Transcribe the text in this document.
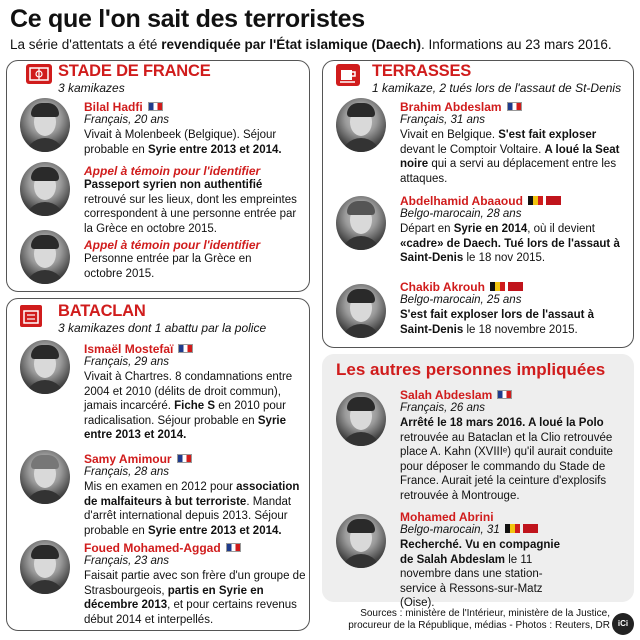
Ce que l'on sait des terroristes
La série d'attentats a été revendiquée par l'État islamique (Daech). Informations au 23 mars 2016.
STADE DE FRANCE
3 kamikazes
Bilal Hadfi
Français, 20 ans
Vivait à Molenbeek (Belgique). Séjour probable en Syrie entre 2013 et 2014.
Appel à témoin pour l'identifier
Passeport syrien non authentifié retrouvé sur les lieux, dont les empreintes correspondent à une personne entrée par la Grèce en octobre 2015.
Appel à témoin pour l'identifier
Personne entrée par la Grèce en octobre 2015.
BATACLAN
3 kamikazes dont 1 abattu par la police
Ismaël Mostefaï
Français, 29 ans
Vivait à Chartres. 8 condamnations entre 2004 et 2010 (délits de droit commun), jamais incarcéré. Fiche S en 2010 pour radicalisation. Séjour probable en Syrie entre 2013 et 2014.
Samy Amimour
Français, 28 ans
Mis en examen en 2012 pour association de malfaiteurs à but terroriste. Mandat d'arrêt international depuis 2013. Séjour probable en Syrie entre 2013 et 2014.
Foued Mohamed-Aggad
Français, 23 ans
Faisait partie avec son frère d'un groupe de Strasbourgeois, partis en Syrie en décembre 2013, et pour certains revenus début 2014 et interpellés.
TERRASSES
1 kamikaze, 2 tués lors de l'assaut de St-Denis
Brahim Abdeslam
Français, 31 ans
Vivait en Belgique. S'est fait exploser devant le Comptoir Voltaire. A loué la Seat noire qui a servi au déplacement entre les attaques.
Abdelhamid Abaaoud
Belgo-marocain, 28 ans
Départ en Syrie en 2014, où il devient «cadre» de Daech. Tué lors de l'assaut à Saint-Denis le 18 nov 2015.
Chakib Akrouh
Belgo-marocain, 25 ans
S'est fait exploser lors de l'assaut à Saint-Denis le 18 novembre 2015.
Les autres personnes impliquées
Salah Abdeslam
Français, 26 ans
Arrêté le 18 mars 2016. A loué la Polo retrouvée au Bataclan et la Clio retrouvée place A. Kahn (XVIIIᵉ) qu'il aurait conduite pour déposer le commando du Stade de France. Aurait jeté la ceinture d'explosifs retrouvée à Montrouge.
Mohamed Abrini
Belgo-marocain, 31
Recherché. Vu en compagnie de Salah Abdeslam le 11 novembre dans une station-service à Ressons-sur-Matz (Oise).
Sources : ministère de l'Intérieur, ministère de la Justice,
procureur de la République, médias - Photos : Reuters, DR iCi
